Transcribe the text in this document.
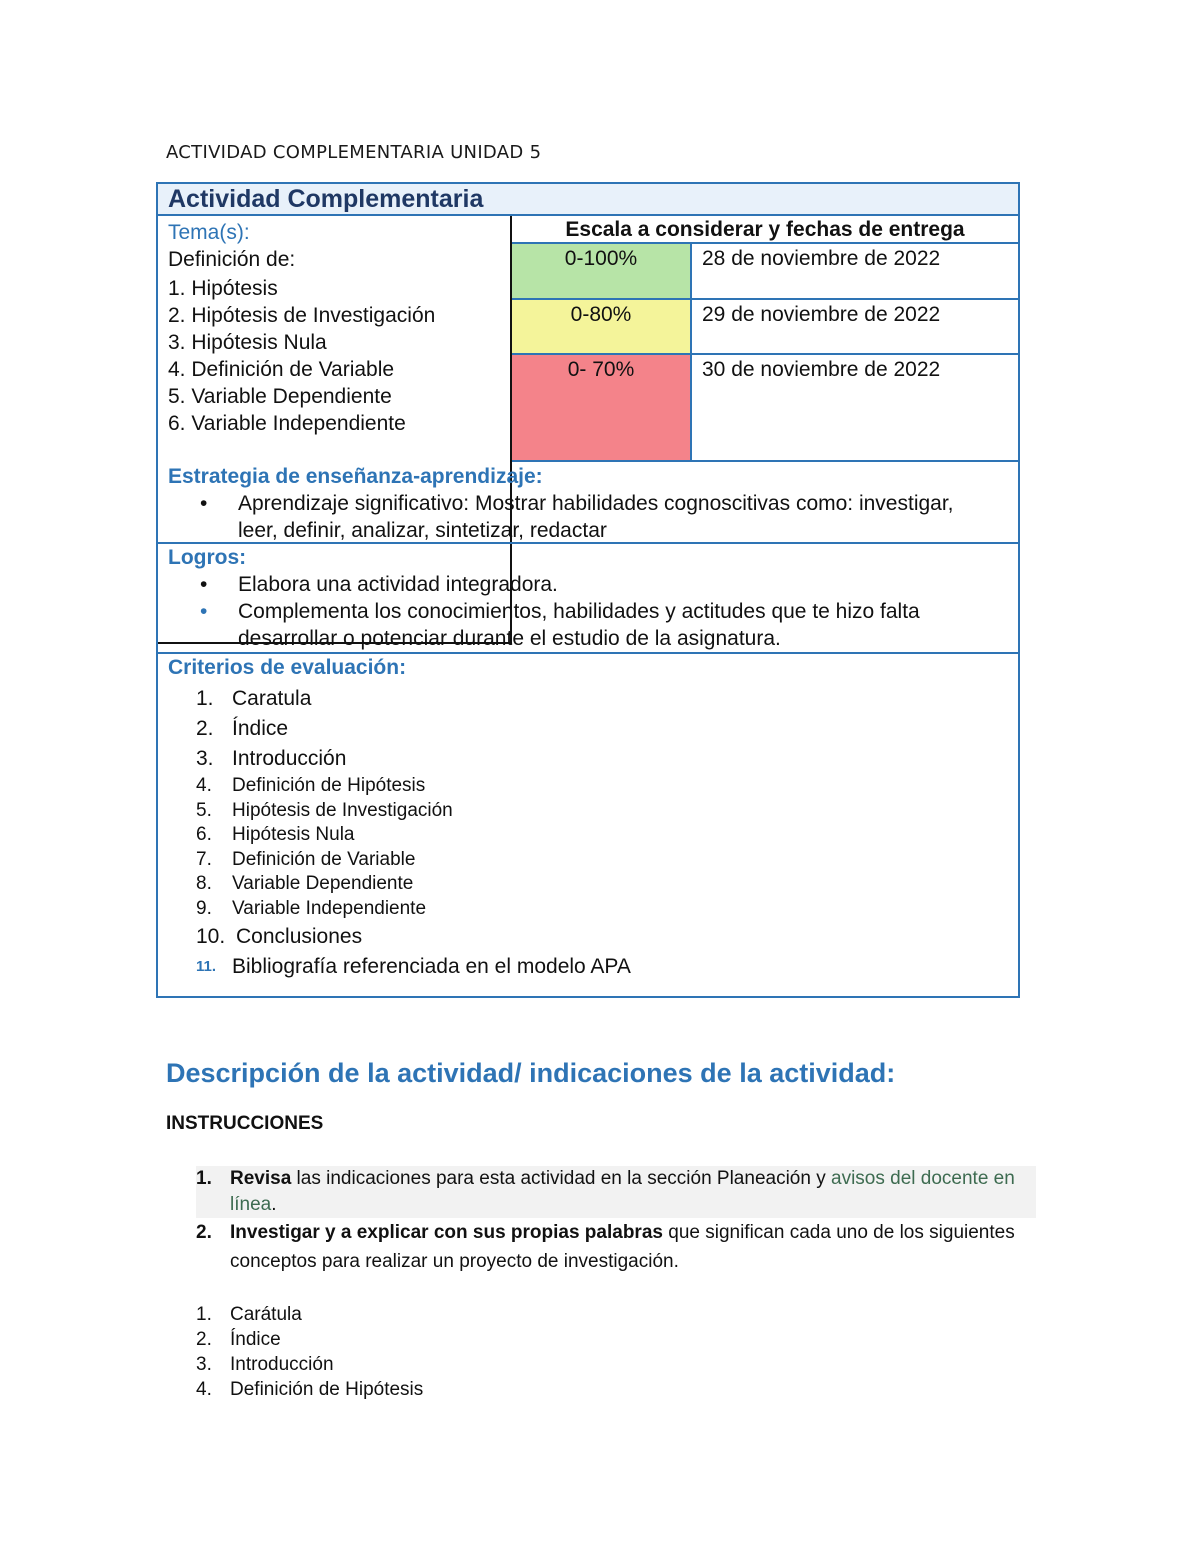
ACTIVIDAD COMPLEMENTARIA UNIDAD 5
Actividad Complementaria
Tema(s):
Definición de:
1. Hipótesis
2. Hipótesis de Investigación
3. Hipótesis Nula
4. Definición de Variable
5. Variable Dependiente
6. Variable Independiente
Escala a considerar y fechas de entrega
0-100%	28 de noviembre de 2022
0-80%	29 de noviembre de 2022
0- 70%	30 de noviembre de 2022
Estrategia de enseñanza-aprendizaje:
• Aprendizaje significativo: Mostrar habilidades cognoscitivas como: investigar, leer, definir, analizar, sintetizar, redactar
Logros:
• Elabora una actividad integradora.
• Complementa los conocimientos, habilidades y actitudes que te hizo falta desarrollar o potenciar durante el estudio de la asignatura.
Criterios de evaluación:
1. Caratula
2. Índice
3. Introducción
4. Definición de Hipótesis
5. Hipótesis de Investigación
6. Hipótesis Nula
7. Definición de Variable
8. Variable Dependiente
9. Variable Independiente
10. Conclusiones
11. Bibliografía referenciada en el modelo APA
Descripción de la actividad/ indicaciones de la actividad:
INSTRUCCIONES
1. Revisa las indicaciones para esta actividad en la sección Planeación y avisos del docente en línea.
2. Investigar y a explicar con sus propias palabras que significan cada uno de los siguientes conceptos para realizar un proyecto de investigación.
1. Carátula
2. Índice
3. Introducción
4. Definición de Hipótesis
